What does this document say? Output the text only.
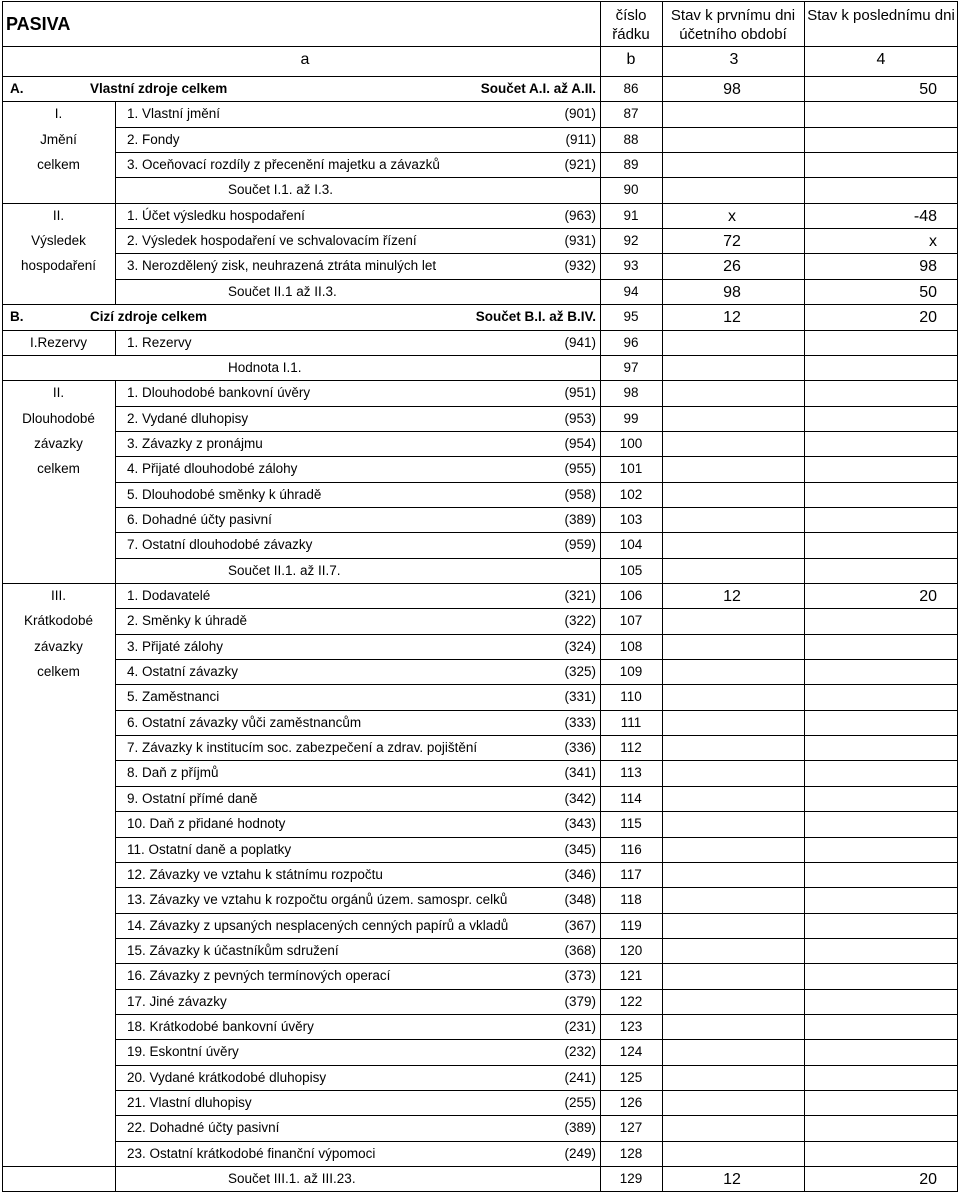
PASIVA	číslo řádku
Stav k prvnímu dni účetního období
Stav k poslednímu dni
a	b	3	4
A.	Vlastní zdroje celkem	Součet A.I. až A.II.	86	98	50
I.	1. Vlastní jmění	(901)	87
Jmění	2. Fondy	(911)	88
celkem	3. Oceňovací rozdíly z přecenění majetku a závazků	(921)	89
Součet I.1. až I.3.	90
II.	1. Účet výsledku hospodaření	(963)	91	x	-48
Výsledek	2. Výsledek hospodaření ve schvalovacím řízení	(931)	92	72	x
hospodaření	3. Nerozdělený zisk, neuhrazená ztráta minulých let	(932)	93	26	98
Součet II.1 až II.3.	94	98	50
B.	Cizí zdroje celkem	Součet B.I. až B.IV.	95	12	20
I.Rezervy	1. Rezervy	(941)	96
Hodnota I.1.	97
II.	1. Dlouhodobé bankovní úvěry	(951)	98
Dlouhodobé	2. Vydané dluhopisy	(953)	99
závazky	3. Závazky z pronájmu	(954)	100
celkem	4. Přijaté dlouhodobé zálohy	(955)	101
5. Dlouhodobé směnky k úhradě	(958)	102
6. Dohadné účty pasivní	(389)	103
7. Ostatní dlouhodobé závazky	(959)	104
Součet II.1. až II.7.	105
III.	1. Dodavatelé	(321)	106	12	20
Krátkodobé	2. Směnky k úhradě	(322)	107
závazky	3. Přijaté zálohy	(324)	108
celkem	4. Ostatní závazky	(325)	109
5. Zaměstnanci	(331)	110
6. Ostatní závazky vůči zaměstnancům	(333)	111
7. Závazky k institucím soc. zabezpečení a zdrav. pojištění	(336)	112
8. Daň z příjmů	(341)	113
9. Ostatní přímé daně	(342)	114
10. Daň z přidané hodnoty	(343)	115
11. Ostatní daně a poplatky	(345)	116
12. Závazky ve vztahu k státnímu rozpočtu	(346)	117
13. Závazky ve vztahu k rozpočtu orgánů územ. samospr. celků	(348)	118
14. Závazky z upsaných nesplacených cenných papírů a vkladů	(367)	119
15. Závazky k účastníkům sdružení	(368)	120
16. Závazky z pevných termínových operací	(373)	121
17. Jiné závazky	(379)	122
18. Krátkodobé bankovní úvěry	(231)	123
19. Eskontní úvěry	(232)	124
20. Vydané krátkodobé dluhopisy	(241)	125
21. Vlastní dluhopisy	(255)	126
22. Dohadné účty pasivní	(389)	127
23. Ostatní krátkodobé finanční výpomoci	(249)	128
Součet III.1. až III.23.	129	12	20
